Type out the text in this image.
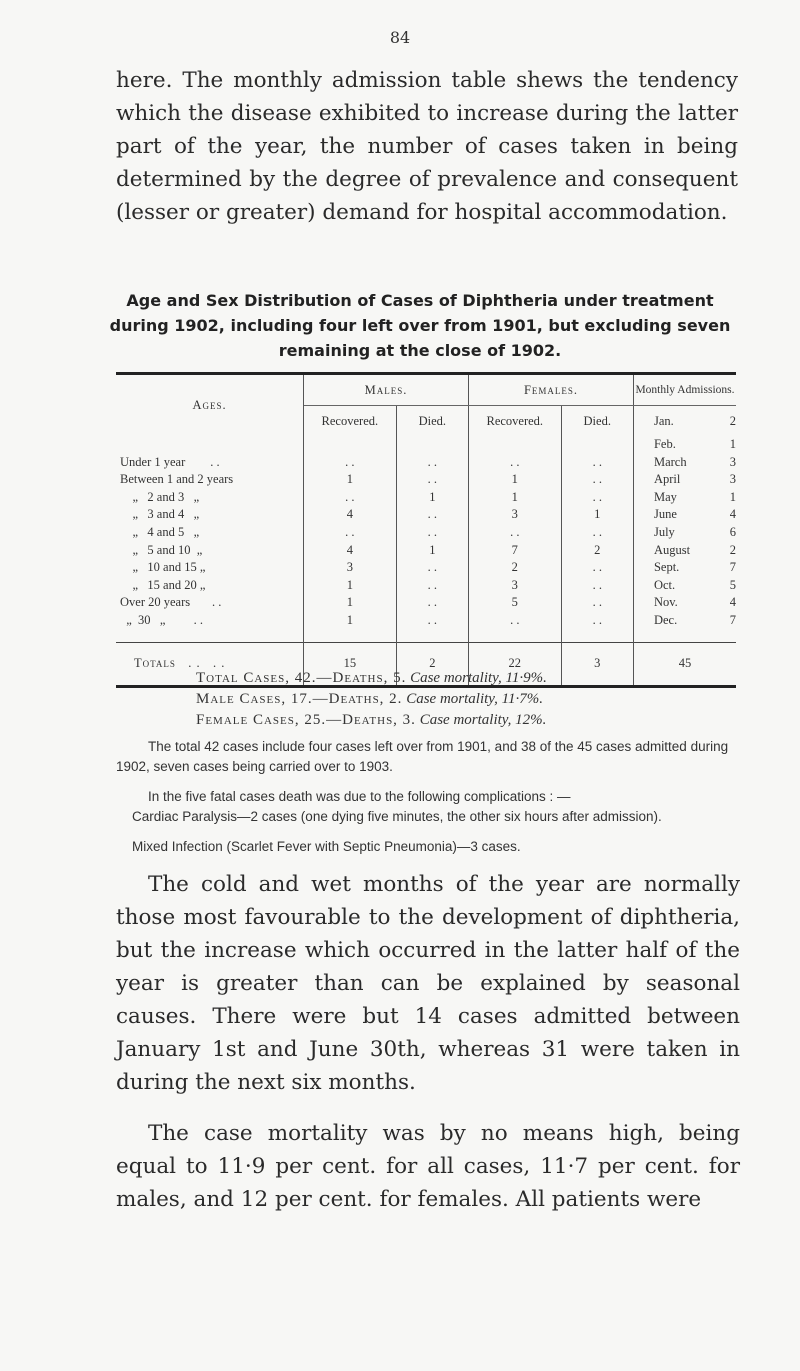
84
here. The monthly admission table shews the tendency which the disease exhibited to increase during the latter part of the year, the number of cases taken in being determined by the degree of prevalence and consequent (lesser or greater) demand for hospital accommodation.
Age and Sex Distribution of Cases of Diphtheria under treatment during 1902, including four left over from 1901, but excluding seven remaining at the close of 1902.
Ages.	Males.		Females.		Monthly Admissions.
	Recovered.	Died.	Recovered.	Died.	Jan. 2
					Feb. 1
Under 1 year        . .	. .	. .	. .	. .	March 3
Between 1 and 2 years	1	. .	1	. .	April 3
„   2 and 3   „	. .	1	1	. .	May 1
„   3 and 4   „	4	. .	3	1	June 4
„   4 and 5   „	. .	. .	. .	. .	July 6
„   5 and 10  „	4	1	7	2	August 2
„   10 and 15 „	3	. .	2	. .	Sept. 7
„   15 and 20 „	1	. .	3	. .	Oct. 5
Over 20 years       . .	1	. .	5	. .	Nov. 4
„  30   „         . .	1	. .	. .	. .	Dec. 7

Totals   . .   . .	15	2	22	3	45
Total Cases, 42.—Deaths, 5. Case mortality, 11·9%.
Male Cases, 17.—Deaths, 2. Case mortality, 11·7%.
Female Cases, 25.—Deaths, 3. Case mortality, 12%.

The total 42 cases include four cases left over from 1901, and 38 of the 45 cases admitted during 1902, seven cases being carried over to 1903.

In the five fatal cases death was due to the following complications : —

Cardiac Paralysis—2 cases (one dying five minutes, the other six hours after admission).

Mixed Infection (Scarlet Fever with Septic Pneumonia)—3 cases.

The cold and wet months of the year are normally those most favourable to the development of diphtheria, but the increase which occurred in the latter half of the year is greater than can be explained by seasonal causes. There were but 14 cases admitted between January 1st and June 30th, whereas 31 were taken in during the next six months.

The case mortality was by no means high, being equal to 11·9 per cent. for all cases, 11·7 per cent. for males, and 12 per cent. for females. All patients were
